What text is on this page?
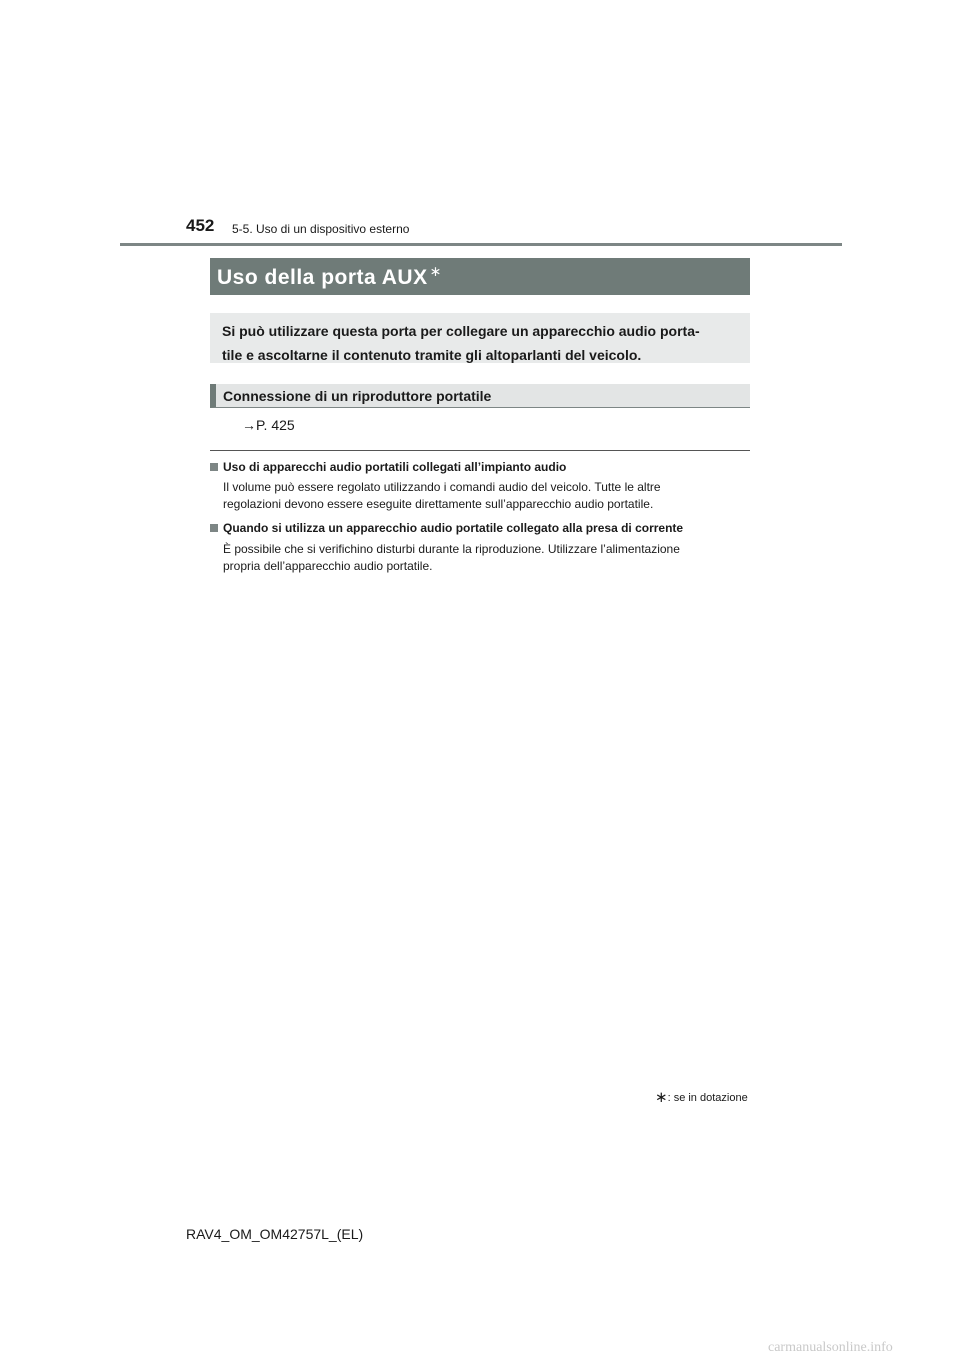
452 5-5. Uso di un dispositivo esterno
Uso della porta AUX ∗
Si può utilizzare questa porta per collegare un apparecchio audio porta-
tile e ascoltarne il contenuto tramite gli altoparlanti del veicolo.
Connessione di un riproduttore portatile
→P. 425
Uso di apparecchi audio portatili collegati all’impianto audio
Il volume può essere regolato utilizzando i comandi audio del veicolo. Tutte le altre
regolazioni devono essere eseguite direttamente sull’apparecchio audio portatile.
Quando si utilizza un apparecchio audio portatile collegato alla presa di corrente
È possibile che si verifichino disturbi durante la riproduzione. Utilizzare l’alimentazione
propria dell’apparecchio audio portatile.
∗: se in dotazione
RAV4_OM_OM42757L_(EL)
carmanualsonline.info
